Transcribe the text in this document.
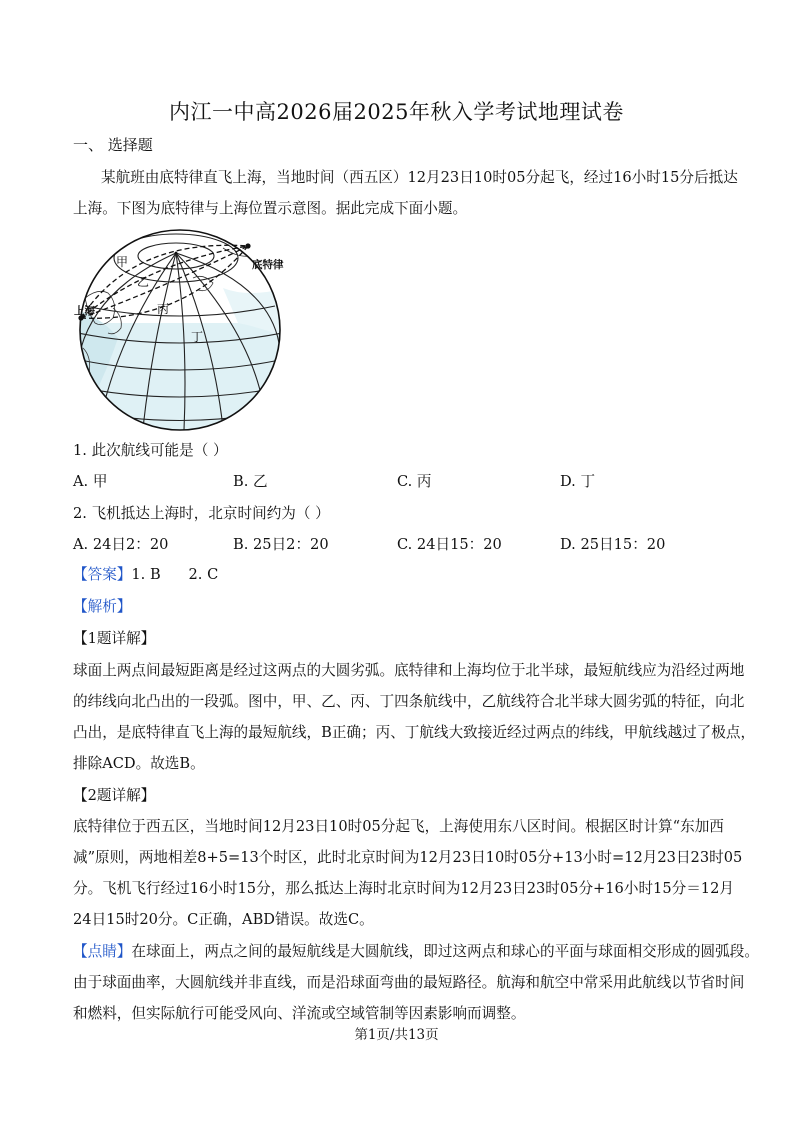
内江一中高2026届2025年秋入学考试地理试卷
一、 选择题
某航班由底特律直飞上海，当地时间（西五区）12月23日10时05分起飞，经过16小时15分后抵达
上海。下图为底特律与上海位置示意图。据此完成下面小题。
甲
乙
丙
丁
底特律
上海
1. 此次航线可能是（ ）
A. 甲	B. 乙	C. 丙	D. 丁
2. 飞机抵达上海时，北京时间约为（ ）
A. 24日2：20	B. 25日2：20	C. 24日15：20	D. 25日15：20
【答案】1. B      2. C
【解析】
【1题详解】
球面上两点间最短距离是经过这两点的大圆劣弧。底特律和上海均位于北半球，最短航线应为沿经过两地
的纬线向北凸出的一段弧。图中，甲、乙、丙、丁四条航线中，乙航线符合北半球大圆劣弧的特征，向北
凸出，是底特律直飞上海的最短航线，B正确；丙、丁航线大致接近经过两点的纬线，甲航线越过了极点，
排除ACD。故选B。
【2题详解】
底特律位于西五区，当地时间12月23日10时05分起飞，上海使用东八区时间。根据区时计算“东加西
减”原则，两地相差8+5=13个时区，此时北京时间为12月23日10时05分+13小时=12月23日23时05
分。飞机飞行经过16小时15分，那么抵达上海时北京时间为12月23日23时05分+16小时15分＝12月
24日15时20分。C正确，ABD错误。故选C。
【点睛】在球面上，两点之间的最短航线是大圆航线，即过这两点和球心的平面与球面相交形成的圆弧段。
由于球面曲率，大圆航线并非直线，而是沿球面弯曲的最短路径。航海和航空中常采用此航线以节省时间
和燃料，但实际航行可能受风向、洋流或空域管制等因素影响而调整。
第1页/共13页
